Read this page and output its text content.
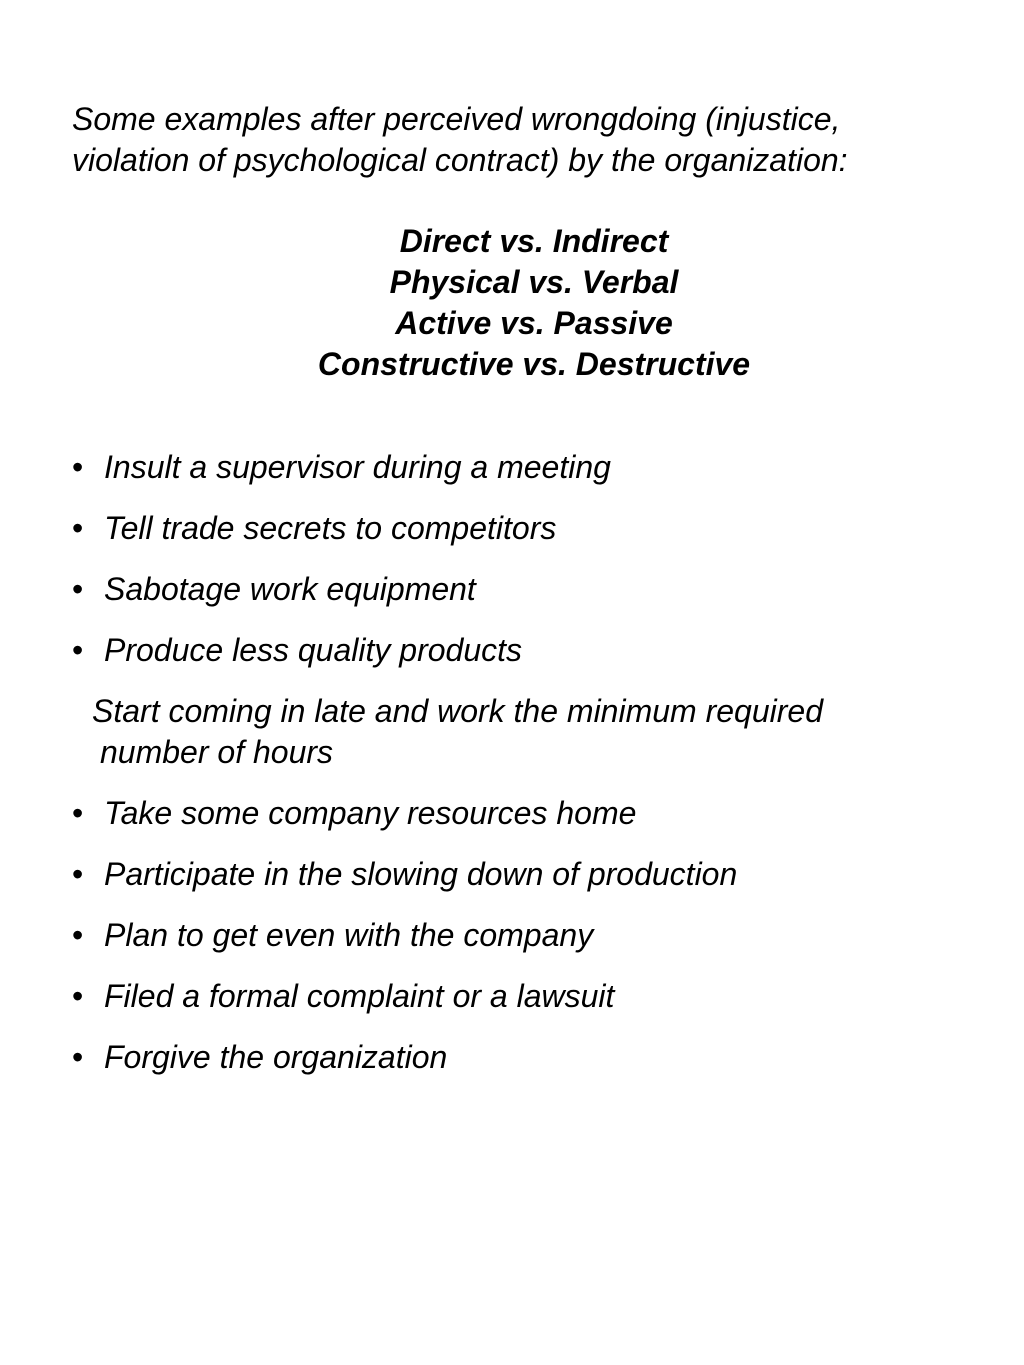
Some examples after perceived wrongdoing (injustice,
violation of psychological contract) by the organization:

Direct vs. Indirect
Physical vs. Verbal
Active vs. Passive
Constructive vs. Destructive
• Insult a supervisor during a meeting
• Tell trade secrets to competitors
• Sabotage work equipment
• Produce less quality products
Start coming in late and work the minimum required
number of hours
• Take some company resources home
• Participate in the slowing down of production
• Plan to get even with the company
• Filed a formal complaint or a lawsuit
• Forgive the organization
